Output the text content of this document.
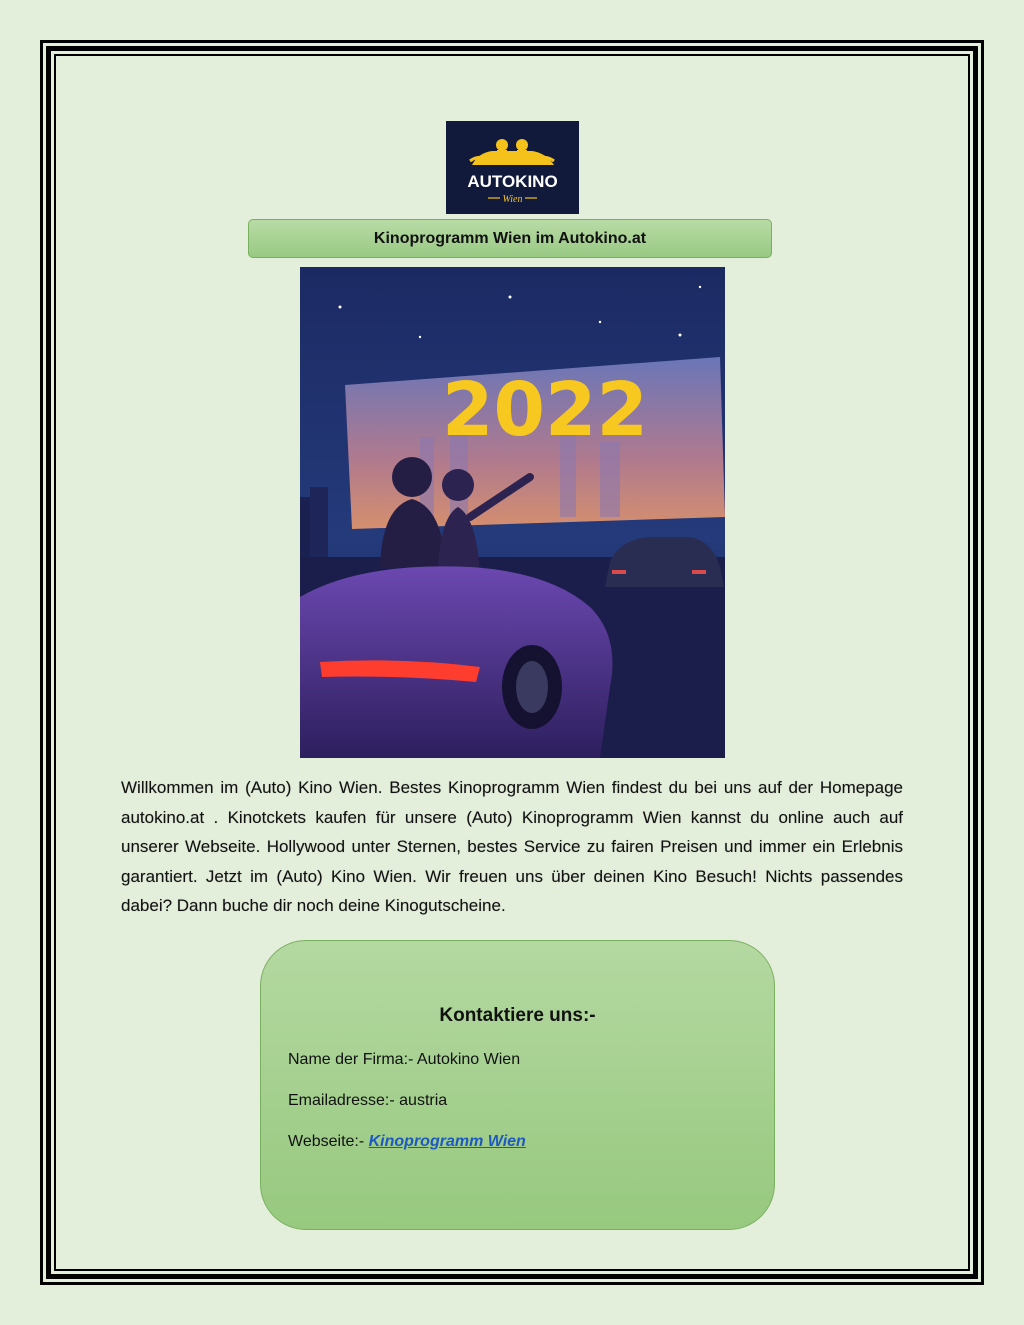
AUTOKINO
Wien
Kinoprogramm Wien im Autokino.at
2022
Willkommen im (Auto) Kino Wien. Bestes Kinoprogramm Wien findest du bei uns auf der Homepage autokino.at . Kinotckets kaufen für unsere (Auto) Kinoprogramm Wien kannst du online auch auf unserer Webseite. Hollywood unter Sternen, bestes Service zu fairen Preisen und immer ein Erlebnis garantiert. Jetzt im (Auto) Kino Wien. Wir freuen uns über deinen Kino Besuch! Nichts passendes dabei? Dann buche dir noch deine Kinogutscheine.
Kontaktiere uns:-
Name der Firma:- Autokino Wien
Emailadresse:- austria
Webseite:- Kinoprogramm Wien
